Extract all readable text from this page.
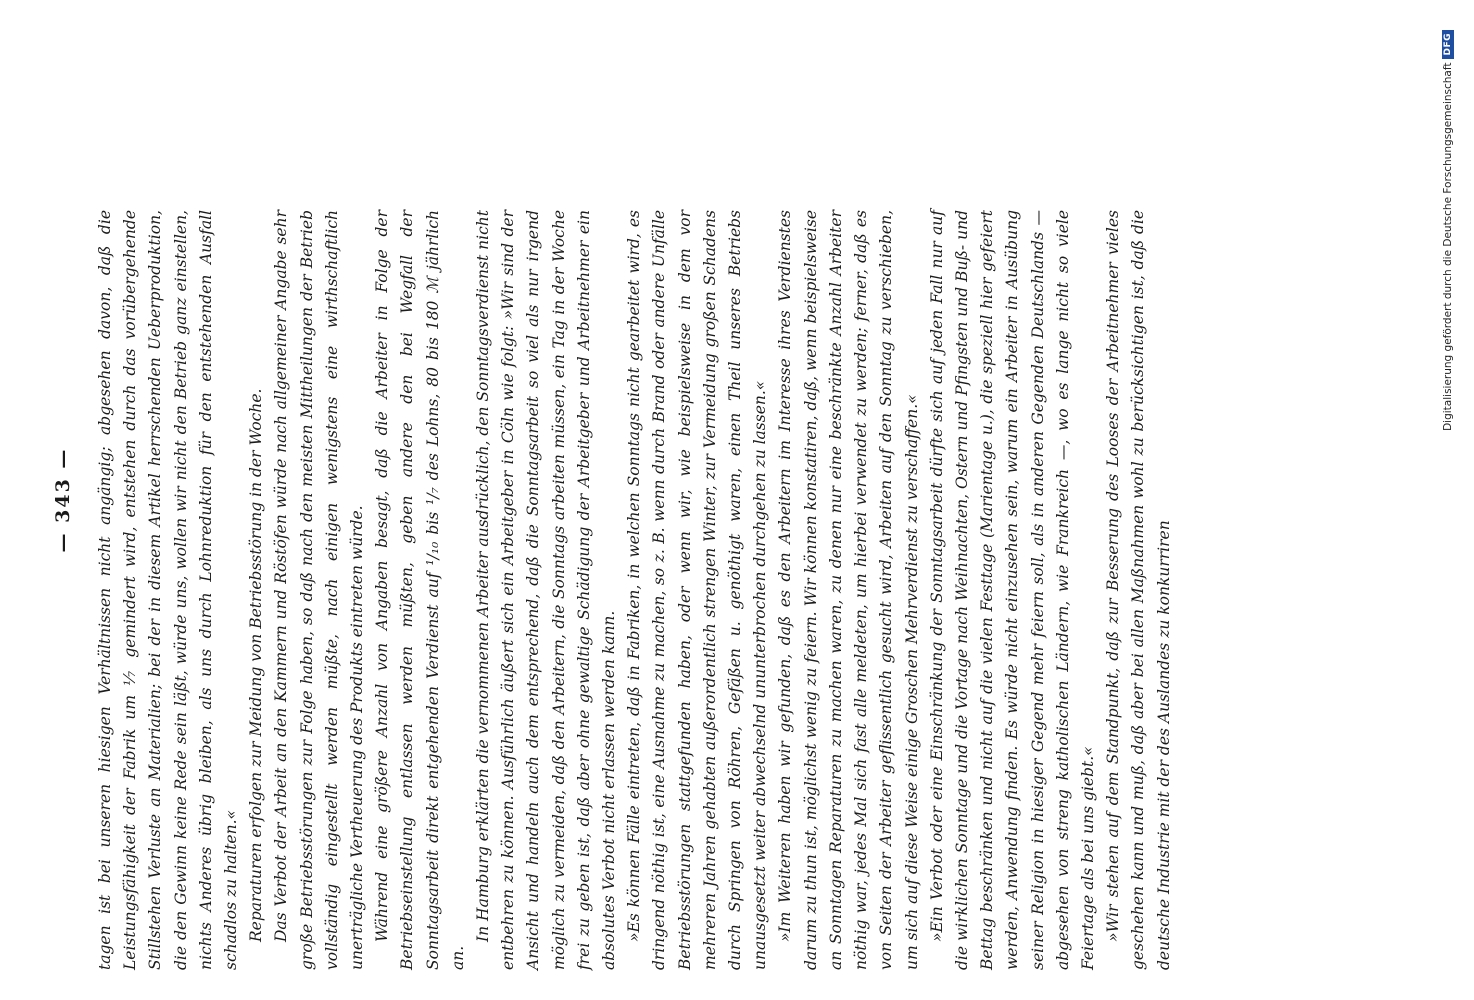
— 343 — tagen ist bei unseren hiesigen Verhältnissen nicht angängig; abgesehen davon, daß die Leistungsfähigkeit der Fabrik um ⅐ gemindert wird, entstehen durch das vorübergehende Stillstehen Verluste an Materialien; bei der in diesem Artikel herrschenden Ueberproduktion, die den Gewinn keine Rede sein läßt, würde uns, wollen wir nicht den Betrieb ganz einstellen, nichts Anderes übrig bleiben, als uns durch Lohnreduktion für den entstehenden Ausfall schadlos zu halten.« Reparaturen erfolgen zur Meidung von Betriebsstörung in der Woche. Das Verbot der Arbeit an den Kammern und Röstöfen würde nach allgemeiner Angabe sehr große Betriebsstörungen zur Folge haben, so daß nach den meisten Mittheilungen der Betrieb vollständig eingestellt werden müßte, nach einigen wenigstens eine wirthschaftlich unerträgliche Vertheuerung des Produkts eintreten würde. Während eine größere Anzahl von Angaben besagt, daß die Arbeiter in Folge der Betriebseinstellung entlassen werden müßten, geben andere den bei Wegfall der Sonntagsarbeit direkt entgehenden Verdienst auf ¹/₁₀ bis ¹/₇ des Lohns, 80 bis 180 ℳ jährlich an.

In Hamburg erklärten die vernommenen Arbeiter ausdrücklich, den Sonntagsverdienst nicht entbehren zu können. Ausführlich äußert sich ein Arbeitgeber in Cöln wie folgt: »Wir sind der Ansicht und handeln auch dem entsprechend, daß die Sonntagsarbeit so viel als nur irgend möglich zu vermeiden, daß den Arbeitern, die Sonntags arbeiten müssen, ein Tag in der Woche frei zu geben ist, daß aber ohne gewaltige Schädigung der Arbeitgeber und Arbeitnehmer ein absolutes Verbot nicht erlassen werden kann. »Es können Fälle eintreten, daß in Fabriken, in welchen Sonntags nicht gearbeitet wird, es dringend nöthig ist, eine Ausnahme zu machen, so z. B. wenn durch Brand oder andere Unfälle Betriebsstörungen stattgefunden haben, oder wenn wir, wie beispielsweise in dem vor mehreren Jahren gehabten außerordentlich strengen Winter, zur Vermeidung großen Schadens durch Springen von Röhren, Gefäßen u. genöthigt waren, einen Theil unseres Betriebs unausgesetzt weiter abwechselnd ununterbrochen durchgehen zu lassen.« »Im Weiteren haben wir gefunden, daß es den Arbeitern im Interesse ihres Verdienstes darum zu thun ist, möglichst wenig zu feiern. Wir können konstatiren, daß, wenn beispielsweise an Sonntagen Reparaturen zu machen waren, zu denen nur eine beschränkte Anzahl Arbeiter nöthig war, jedes Mal sich fast alle meldeten, um hierbei verwendet zu werden; ferner, daß es von Seiten der Arbeiter geflissentlich gesucht wird, Arbeiten auf den Sonntag zu verschieben, um sich auf diese Weise einige Groschen Mehrverdienst zu verschaffen.« »Ein Verbot oder eine Einschränkung der Sonntagsarbeit dürfte sich auf jeden Fall nur auf die wirklichen Sonntage und die Vortage nach Weihnachten, Ostern und Pfingsten und Buß- und Bettag beschränken und nicht auf die vielen Festtage (Marientage u.), die speziell hier gefeiert werden, Anwendung finden. Es würde nicht einzusehen sein, warum ein Arbeiter in Ausübung seiner Religion in hiesiger Gegend mehr feiern soll, als in anderen Gegenden Deutschlands — abgesehen von streng katholischen Ländern, wie Frankreich —, wo es lange nicht so viele Feiertage als bei uns giebt.« »Wir stehen auf dem Standpunkt, daß zur Besserung des Looses der Arbeitnehmer vieles geschehen kann und muß, daß aber bei allen Maßnahmen wohl zu berücksichtigen ist, daß die deutsche Industrie mit der des Auslandes zu konkurriren

Digitalisierung gefördert durch die Deutsche Forschungsgemeinschaft
DFG
